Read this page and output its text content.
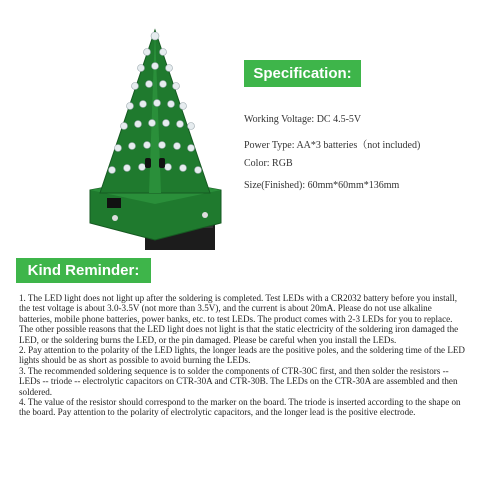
Specification:
Working Voltage: DC 4.5-5V
Power Type: AA*3 batteries（not included)
Color: RGB
Size(Finished): 60mm*60mm*136mm
Kind Reminder:

1. The LED light does not light up after the soldering is completed. Test LEDs with a CR2032 battery before you install, the test voltage is about 3.0-3.5V (not more than 3.5V), and the current is about 20mA. Please do not use alkaline batteries, mobile phone batteries, power banks, etc. to test LEDs. The product comes with 2-3 LEDs for you to replace.

The other possible reasons that the LED light does not light is that the static electricity of the soldering iron damaged the LED, or the soldering burns the LED, or the pin damaged. Please be careful when you install the LEDs.

2. Pay attention to the polarity of the LED lights, the longer leads are the positive poles, and the soldering time of the LED lights should be as short as possible to avoid burning the LEDs.

3. The recommended soldering sequence is to solder the components of CTR-30C first, and then solder the resistors -- LEDs -- triode -- electrolytic capacitors on CTR-30A and CTR-30B. The LEDs on the CTR-30A are assembled and then soldered.

4. The value of the resistor should correspond to the marker on the board. The triode is inserted according to the shape on the board. Pay attention to the polarity of electrolytic capacitors, and the longer lead is the positive electrode.
